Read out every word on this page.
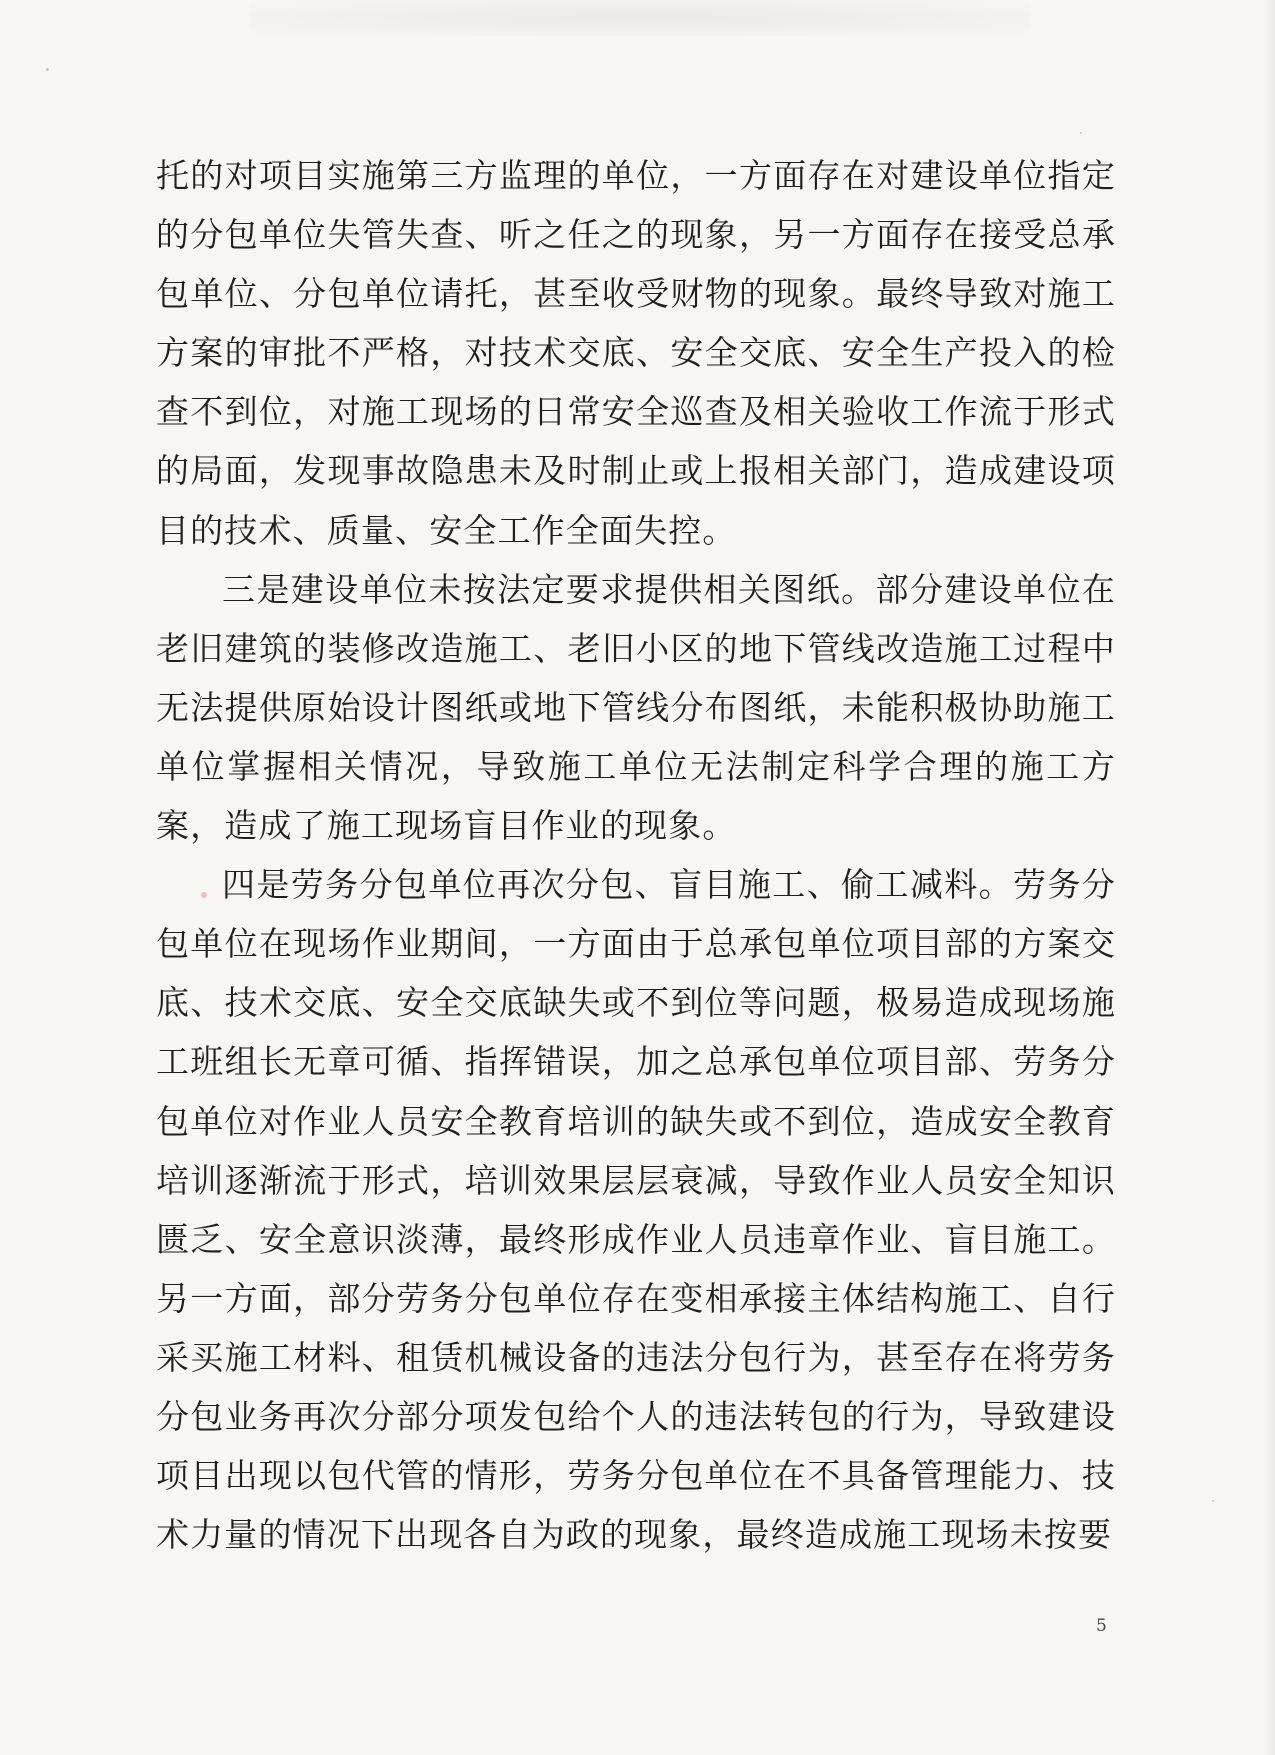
托的对项目实施第三方监理的单位，一方面存在对建设单位指定的分包单位失管失查、听之任之的现象，另一方面存在接受总承包单位、分包单位请托，甚至收受财物的现象。最终导致对施工方案的审批不严格，对技术交底、安全交底、安全生产投入的检查不到位，对施工现场的日常安全巡查及相关验收工作流于形式的局面，发现事故隐患未及时制止或上报相关部门，造成建设项目的技术、质量、安全工作全面失控。

三是建设单位未按法定要求提供相关图纸。部分建设单位在老旧建筑的装修改造施工、老旧小区的地下管线改造施工过程中无法提供原始设计图纸或地下管线分布图纸，未能积极协助施工单位掌握相关情况，导致施工单位无法制定科学合理的施工方案，造成了施工现场盲目作业的现象。

四是劳务分包单位再次分包、盲目施工、偷工减料。劳务分包单位在现场作业期间，一方面由于总承包单位项目部的方案交底、技术交底、安全交底缺失或不到位等问题，极易造成现场施工班组长无章可循、指挥错误，加之总承包单位项目部、劳务分包单位对作业人员安全教育培训的缺失或不到位，造成安全教育培训逐渐流于形式，培训效果层层衰减，导致作业人员安全知识匮乏、安全意识淡薄，最终形成作业人员违章作业、盲目施工。另一方面，部分劳务分包单位存在变相承接主体结构施工、自行采买施工材料、租赁机械设备的违法分包行为，甚至存在将劳务分包业务再次分部分项发包给个人的违法转包的行为，导致建设项目出现以包代管的情形，劳务分包单位在不具备管理能力、技术力量的情况下出现各自为政的现象，最终造成施工现场未按要

5
